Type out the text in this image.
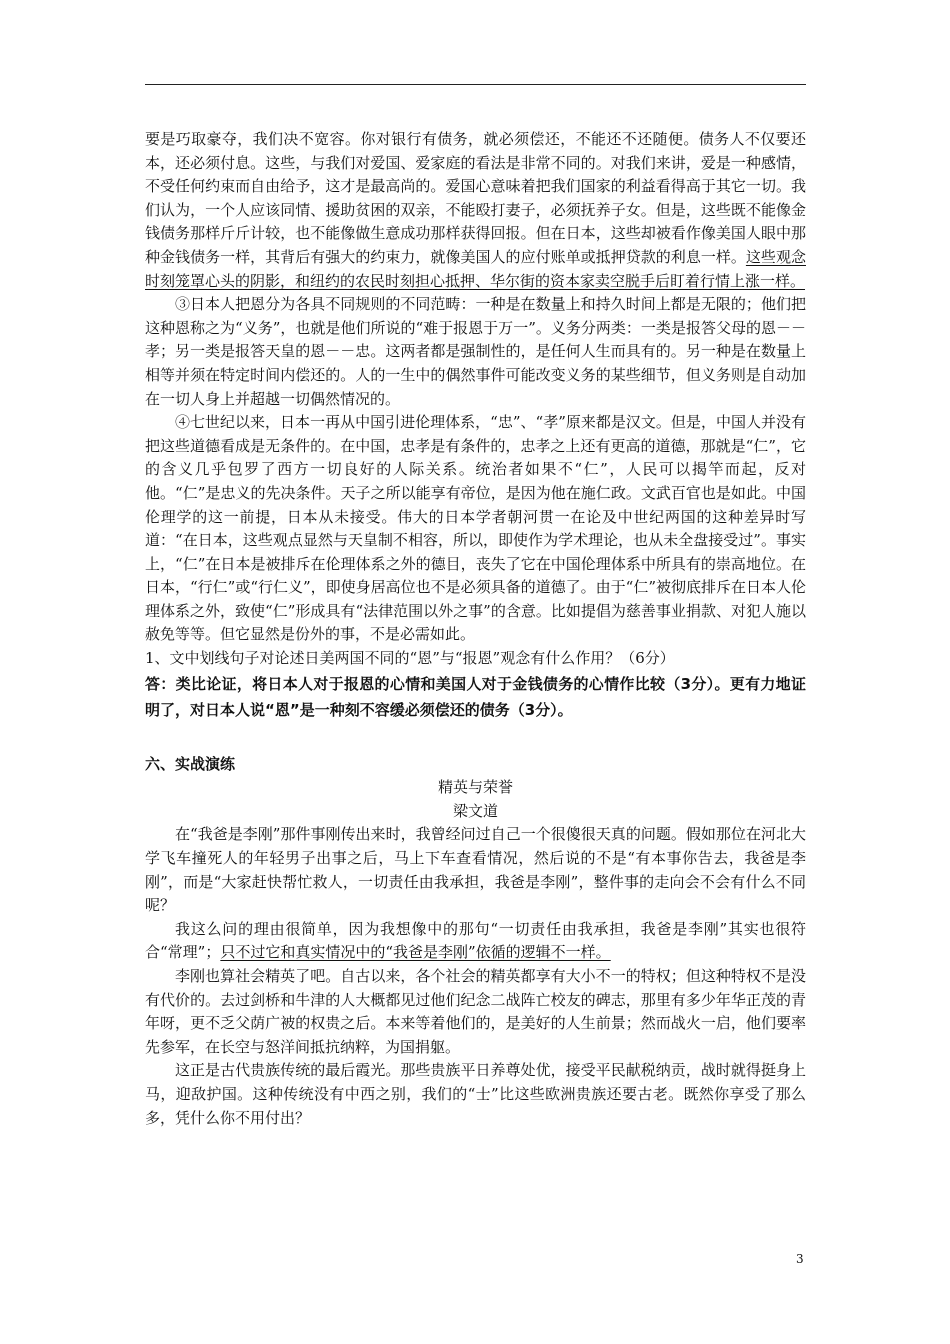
要是巧取豪夺，我们决不宽容。你对银行有债务，就必须偿还，不能还不还随便。债务人不仅要还本，还必须付息。这些，与我们对爱国、爱家庭的看法是非常不同的。对我们来讲，爱是一种感情，不受任何约束而自由给予，这才是最高尚的。爱国心意味着把我们国家的利益看得高于其它一切。我们认为，一个人应该同情、援助贫困的双亲，不能殴打妻子，必须抚养子女。但是，这些既不能像金钱债务那样斤斤计较，也不能像做生意成功那样获得回报。但在日本，这些却被看作像美国人眼中那种金钱债务一样，其背后有强大的约束力，就像美国人的应付账单或抵押贷款的利息一样。这些观念时刻笼罩心头的阴影，和纽约的农民时刻担心抵押、华尔街的资本家卖空脱手后盯着行情上涨一样。

③日本人把恩分为各具不同规则的不同范畴：一种是在数量上和持久时间上都是无限的；他们把这种恩称之为“义务”，也就是他们所说的“难于报恩于万一”。义务分两类：一类是报答父母的恩－－孝；另一类是报答天皇的恩－－忠。这两者都是强制性的，是任何人生而具有的。另一种是在数量上相等并须在特定时间内偿还的。人的一生中的偶然事件可能改变义务的某些细节，但义务则是自动加在一切人身上并超越一切偶然情况的。

④七世纪以来，日本一再从中国引进伦理体系，“忠”、“孝”原来都是汉文。但是，中国人并没有把这些道德看成是无条件的。在中国，忠孝是有条件的，忠孝之上还有更高的道德，那就是“仁”，它的含义几乎包罗了西方一切良好的人际关系。统治者如果不“仁”，人民可以揭竿而起，反对他。“仁”是忠义的先决条件。天子之所以能享有帝位，是因为他在施仁政。文武百官也是如此。中国伦理学的这一前提，日本从未接受。伟大的日本学者朝河贯一在论及中世纪两国的这种差异时写道：“在日本，这些观点显然与天皇制不相容，所以，即使作为学术理论，也从未全盘接受过”。事实上，“仁”在日本是被排斥在伦理体系之外的德目，丧失了它在中国伦理体系中所具有的崇高地位。在日本，“行仁”或“行仁义”，即使身居高位也不是必须具备的道德了。由于“仁”被彻底排斥在日本人伦理体系之外，致使“仁”形成具有“法律范围以外之事”的含意。比如提倡为慈善事业捐款、对犯人施以赦免等等。但它显然是份外的事，不是必需如此。

1、文中划线句子对论述日美两国不同的“恩”与“报恩”观念有什么作用？（6分）

答：类比论证，将日本人对于报恩的心情和美国人对于金钱债务的心情作比较（3分）。更有力地证明了，对日本人说“恩”是一种刻不容缓必须偿还的债务（3分）。

六、实战演练

精英与荣誉

梁文道

在“我爸是李刚”那件事刚传出来时，我曾经问过自己一个很傻很天真的问题。假如那位在河北大学飞车撞死人的年轻男子出事之后，马上下车查看情况，然后说的不是“有本事你告去，我爸是李刚”，而是“大家赶快帮忙救人，一切责任由我承担，我爸是李刚”，整件事的走向会不会有什么不同呢？

我这么问的理由很简单，因为我想像中的那句“一切责任由我承担，我爸是李刚”其实也很符合“常理”；只不过它和真实情况中的“我爸是李刚”依循的逻辑不一样。

李刚也算社会精英了吧。自古以来，各个社会的精英都享有大小不一的特权；但这种特权不是没有代价的。去过剑桥和牛津的人大概都见过他们纪念二战阵亡校友的碑志，那里有多少年华正茂的青年呀，更不乏父荫广被的权贵之后。本来等着他们的，是美好的人生前景；然而战火一启，他们要率先参军，在长空与怒洋间抵抗纳粹，为国捐躯。

这正是古代贵族传统的最后霞光。那些贵族平日养尊处优，接受平民献税纳贡，战时就得挺身上马，迎敌护国。这种传统没有中西之别，我们的“士”比这些欧洲贵族还要古老。既然你享受了那么多，凭什么你不用付出？

3
